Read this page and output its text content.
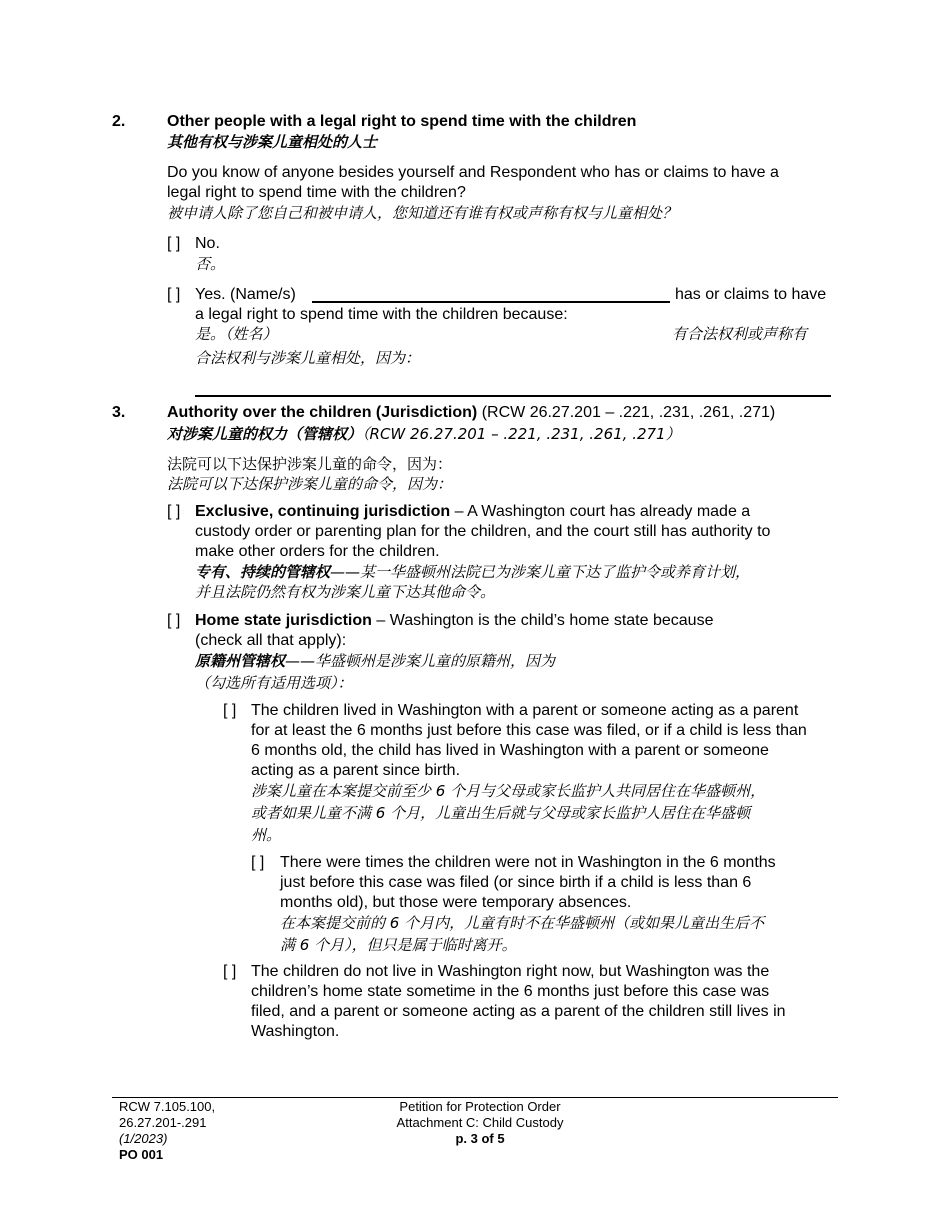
2.	Other people with a legal right to spend time with the children
其他有权与涉案儿童相处的人士
Do you know of anyone besides yourself and Respondent who has or claims to have a
legal right to spend time with the children?
被申请人除了您自己和被申请人，您知道还有谁有权或声称有权与儿童相处？
[ ] No.
否。
[ ] Yes. (Name/s)	has or claims to have
a legal right to spend time with the children because:
是。（姓名）	有合法权利或声称有
合法权利与涉案儿童相处，因为：
3.	Authority over the children (Jurisdiction) (RCW 26.27.201 – .221, .231, .261, .271)
对涉案儿童的权力（管辖权）（RCW 26.27.201 – .221, .231, .261, .271）
法院可以下达保护涉案儿童的命令，因为：
法院可以下达保护涉案儿童的命令，因为：
[ ] Exclusive, continuing jurisdiction – A Washington court has already made a
custody order or parenting plan for the children, and the court still has authority to
make other orders for the children.
专有、持续的管辖权——某一华盛顿州法院已为涉案儿童下达了监护令或养育计划，
并且法院仍然有权为涉案儿童下达其他命令。
[ ] Home state jurisdiction – Washington is the child’s home state because
(check all that apply):
原籍州管辖权——华盛顿州是涉案儿童的原籍州，因为
（勾选所有适用选项）：
[ ] The children lived in Washington with a parent or someone acting as a parent
for at least the 6 months just before this case was filed, or if a child is less than
6 months old, the child has lived in Washington with a parent or someone
acting as a parent since birth.
涉案儿童在本案提交前至少 6 个月与父母或家长监护人共同居住在华盛顿州，
或者如果儿童不满 6 个月，儿童出生后就与父母或家长监护人居住在华盛顿
州。
[ ] There were times the children were not in Washington in the 6 months
just before this case was filed (or since birth if a child is less than 6
months old), but those were temporary absences.
在本案提交前的 6 个月内，儿童有时不在华盛顿州（或如果儿童出生后不
满 6 个月），但只是属于临时离开。
[ ] The children do not live in Washington right now, but Washington was the
children’s home state sometime in the 6 months just before this case was
filed, and a parent or someone acting as a parent of the children still lives in
Washington.
RCW 7.105.100,
26.27.201-.291
(1/2023)
PO 001
Petition for Protection Order
Attachment C: Child Custody
p. 3 of 5
